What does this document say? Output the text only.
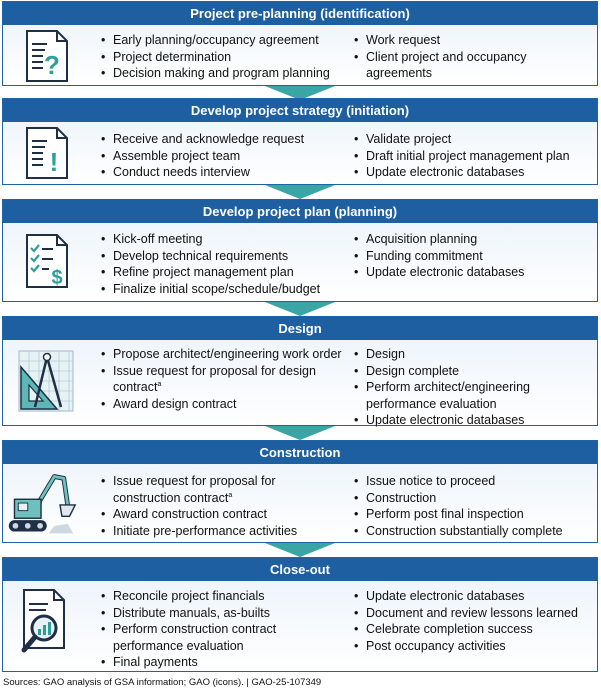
Project pre-planning (identification)
?
• Early planning/occupancy agreement
• Project determination
• Decision making and program planning
• Work request
• Client project and occupancy agreements
Develop project strategy (initiation)
!
• Receive and acknowledge request
• Assemble project team
• Conduct needs interview
• Validate project
• Draft initial project management plan
• Update electronic databases
Develop project plan (planning)
$
• Kick-off meeting
• Develop technical requirements
• Refine project management plan
• Finalize initial scope/schedule/budget
• Acquisition planning
• Funding commitment
• Update electronic databases
Design
• Propose architect/engineering work order
• Issue request for proposal for design contract$^a$
• Award design contract
• Design
• Design complete
• Perform architect/engineering performance evaluation
• Update electronic databases
Construction
• Issue request for proposal for construction contract$^a$
• Award construction contract
• Initiate pre-performance activities
• Issue notice to proceed
• Construction
• Perform post final inspection
• Construction substantially complete
Close-out
• Reconcile project financials
• Distribute manuals, as-builts
• Perform construction contract performance evaluation
• Final payments
• Update electronic databases
• Document and review lessons learned
• Celebrate completion success
• Post occupancy activities
Sources: GAO analysis of GSA information; GAO (icons). | GAO-25-107349
